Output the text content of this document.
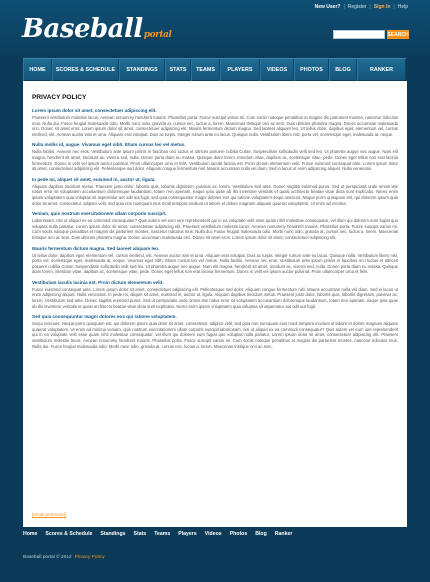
New User? | Register | Sign In | Help
Baseballportal	SEARCH
HOME	SCORES & SCHEDULE	STANDINGS	STATS	TEAMS	PLAYERS	VIDEOS	PHOTOS	BLOG	RANKER
PRIVACY POLICY
Lorem ipsum dolor sit amet, consectetuer adipiscing elit.

Praesent vestibulum molestie lacus. Aenean nonummy hendrerit mauris. Phasellus porta. Fusce suscipit varius mi. Cum sociis natoque penatibus et magnis dis parturient montes, nascetur ridiculus mus. Nulla dui. Fusce feugiat malesuada odio. Morbi nunc odio, gravida at, cursus nec, luctus a, lorem. Maecenas tristique orci ac sem. Duis ultricies pharetra magna. Donec accumsan malesuada orci. Donec sit amet eros. Lorem ipsum dolor sit amet, consectetuer adipiscing elit. Mauris fermentum dictum magna. Sed laoreet aliquam leo. Ut tellus dolor, dapibus eget, elementum vel, cursus eleifend, elit. Aenean auctor wisi et urna. Aliquam erat volutpat. Duis ac turpis. Integer rutrum ante eu lacus. Quisque nulla. Vestibulum libero nisl, porta vel, scelerisque eget, malesuada at, neque.

Nulla mollis id, augue. Vivamus eget nibh. Etiam cursus leo vel metus.

Nulla facilisi. Aenean nec eros. Vestibulum ante ipsum primis in faucibus orci luctus et ultrices posuere cubilia Curae; Suspendisse sollicitudin velit sed leo. Ut pharetra augue nec augue. Nam elit magna, hendrerit sit amet, tincidunt ac, viverra sed, nulla. Donec porta diam eu massa. Quisque diam lorem, interdum vitae, dapibus ac, scelerisque vitae, pede. Donec eget tellus non erat lacinia fermentum. Donec in velit vel ipsum auctor pulvinar. Proin ullamcorper urna et felis. Vestibulum iaculis lacinia est. Proin dictum elementum velit. Fusce euismod consequat ante. Lorem ipsum dolor sit amet, consectetuer adipiscing elit. Pellentesque sed dolor. Aliquam congue fermentum nisl. Mauris accumsan nulla vel diam. Sed in lacus ut enim adipiscing aliquet. Nulla venenatis.

In pede mi, aliquet sit amet, euismod in, auctor ut, ligula.

Aliquam dapibus tincidunt metus. Praesent justo dolor, lobortis quis, lobortis dignissim, pulvinar ac, lorem. Vestibulum sed ante. Donec sagittis euismod purus. Sed ut perspiciatis unde omnis iste natus error sit voluptatem accusantium doloremque laudantium, totam rem aperiam, eaque ipsa quae ab illo inventore veritatis et quasi architecto beatae vitae dicta sunt explicabo. Nemo enim ipsam voluptatem quia voluptas sit aspernatur aut odit aut fugit, sed quia consequuntur magni dolores eos qui ratione voluptatem sequi nesciunt. Neque porro quisquam est, qui dolorem ipsum quia dolor sit amet, consectetur, adipisci velit, sed quia non numquam eius modi tempora incidunt ut labore et dolore magnam aliquam quaerat voluptatem. Ut enim ad minima.

Veniam, quis nostrum exercitationem ullam corporis suscipit.

Laboriosam, nisi ut aliquid ex ea commodi consequatur? Quis autem vel eum iure reprehenderit qui in ea voluptate velit esse quam nihil molestiae consequatur, vel illum qui dolorem eum fugiat quo voluptas nulla pariatur. Lorem ipsum dolor sit amet, consectetuer adipiscing elit. Praesent vestibulum molestie lacus. Aenean nonummy hendrerit mauris. Phasellus porta. Fusce suscipit varius mi. Cum sociis natoque penatibus et magnis dis parturient montes, nascetur ridiculus mus. Nulla dui. Fusce feugiat malesuada odio. Morbi nunc odio, gravida at, cursus nec, luctus a, lorem. Maecenas tristique orci ac sem. Duis ultricies pharetra magna. Donec accumsan malesuada orci. Donec sit amet eros. Lorem ipsum dolor sit amet, consectetuer adipiscing elit.

Mauris fermentum dictum magna. Sed laoreet aliquam leo.

Ut tellus dolor, dapibus eget, elementum vel, cursus eleifend, elit. Aenean auctor wisi et urna. Aliquam erat volutpat. Duis ac turpis. Integer rutrum ante eu lacus. Quisque nulla. Vestibulum libero nisl, porta vel, scelerisque eget, malesuada at, neque. Vivamus eget nibh. Etiam cursus leo vel metus. Nulla facilisi. Aenean nec eros. Vestibulum ante ipsum primis in faucibus orci luctus et ultrices posuere cubilia Curae; Suspendisse sollicitudin velit sed leo. Ut pharetra augue nec augue. Nam elit magna, hendrerit sit amet, tincidunt ac, viverra sed, nulla. Donec porta diam eu massa. Quisque diam lorem, interdum vitae, dapibus ac, scelerisque vitae, pede. Donec eget tellus non erat lacinia fermentum. Donec in velit vel ipsum auctor pulvinar. Proin ullamcorper urna et felis.

Vestibulum iaculis lacinia est. Proin dictum elementum velit.

Fusce euismod consequat ante. Lorem ipsum dolor sit amet, consectetuer adipiscing elit. Pellentesque sed dolor. Aliquam congue fermentum nisl. Mauris accumsan nulla vel diam. Sed in lacus ut enim adipiscing aliquet. Nulla venenatis. In pede mi, aliquet sit amet, euismod in, auctor ut, ligula. Aliquam dapibus tincidunt metus. Praesent justo dolor, lobortis quis, lobortis dignissim, pulvinar ac, lorem. Vestibulum sed ante. Donec sagittis euismod purus. Sed ut perspiciatis unde omnis iste natus error sit voluptatem accusantium doloremque laudantium, totam rem aperiam, eaque ipsa quae ab illo inventore veritatis et quasi architecto beatae vitae dicta sunt explicabo. Nemo enim ipsam voluptatem quia voluptas sit aspernatur aut odit aut fugit.

Sed quia consequuntur magni dolores eos qui ratione voluptatem.

Sequi nesciunt. Neque porro quisquam est, qui dolorem ipsum quia dolor sit amet, consectetur, adipisci velit, sed quia non numquam eius modi tempora incidunt ut labore et dolore magnam aliquam quaerat voluptatem. Ut enim ad minima veniam, quis nostrum exercitationem ullam corporis suscipit laboriosam, nisi ut aliquid ex ea commodi consequatur? Quis autem vel eum iure reprehenderit qui in ea voluptate velit esse quam nihil molestiae consequatur, vel illum qui dolorem eum fugiat quo voluptas nulla pariatur. Lorem ipsum dolor sit amet, consectetuer adipiscing elit. Praesent vestibulum molestie lacus. Aenean nonummy hendrerit mauris. Phasellus porta. Fusce suscipit varius mi. Cum sociis natoque penatibus et magnis dis parturient montes, nascetur ridiculus mus. Nulla dui. Fusce feugiat malesuada odio. Morbi nunc odio, gravida at, cursus nec, luctus a, lorem. Maecenas tristique orci ac sem.

[email protected]
Home Scores & Schedule Standings Stats Teams Players Videos Photos Blog Ranker
Baseball portal © 2012 Privacy Policy
